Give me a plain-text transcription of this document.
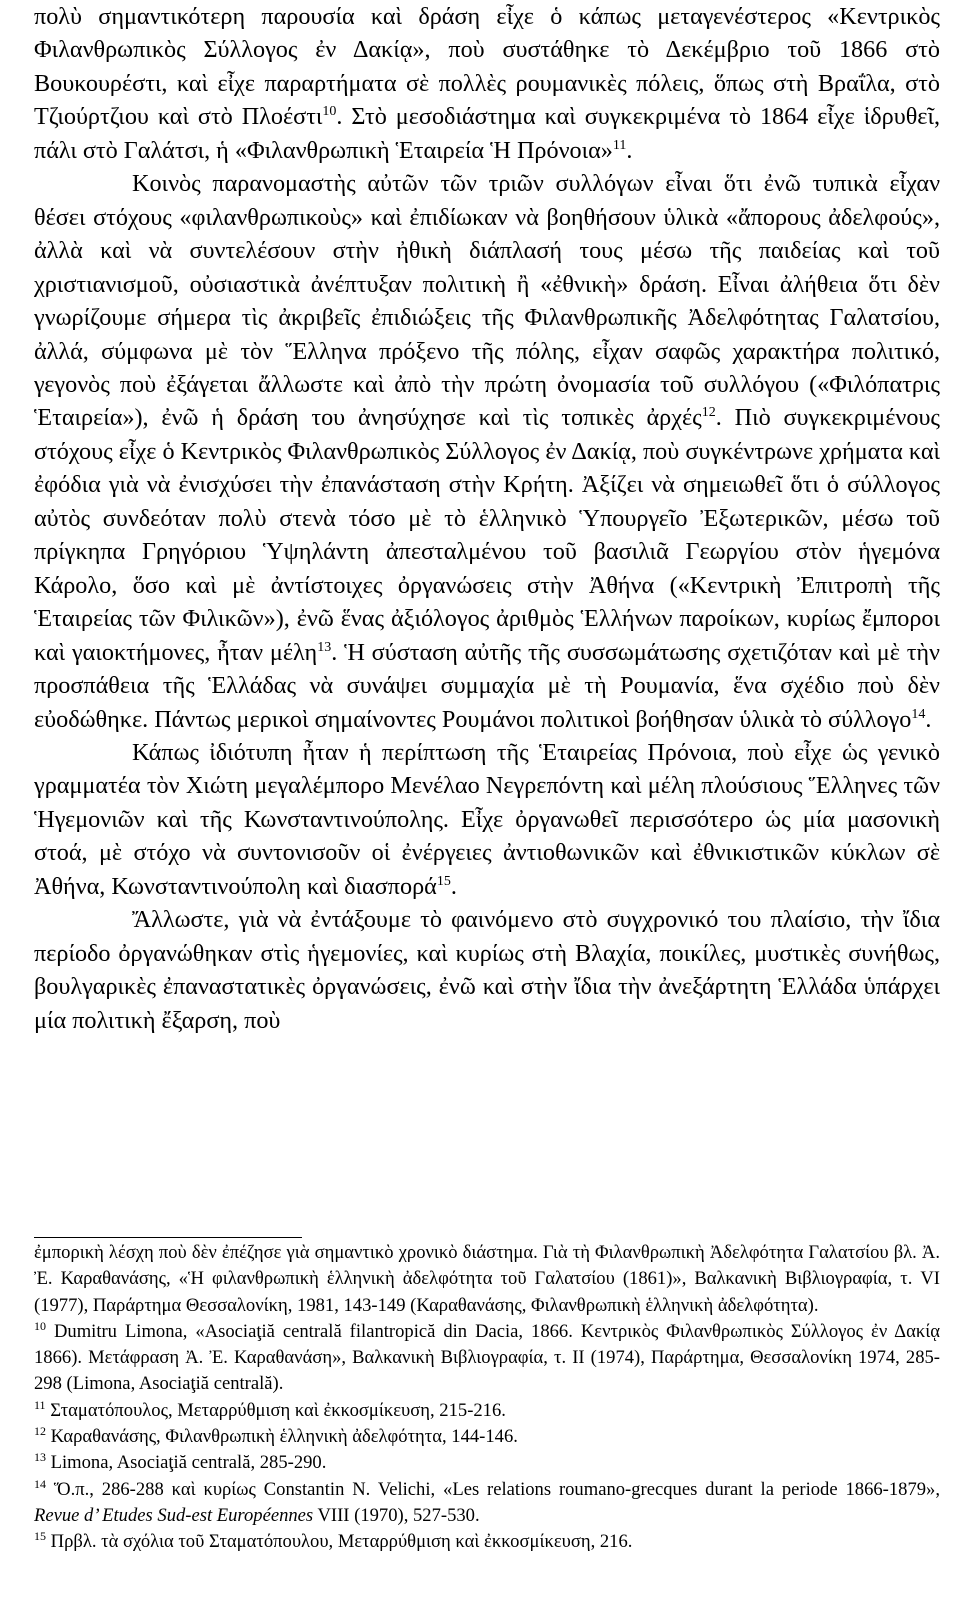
πολὺ σημαντικότερη παρουσία καὶ δράση εἶχε ὁ κάπως μεταγενέστερος «Κεντρικὸς Φιλανθρωπικὸς Σύλλογος ἐν Δακίᾳ», ποὺ συστάθηκε τὸ Δεκέμβριο τοῦ 1866 στὸ Βουκουρέστι, καὶ εἶχε παραρτήματα σὲ πολλὲς ρουμανικὲς πόλεις, ὅπως στὴ Βραΐλα, στὸ Τζιούρτζιου καὶ στὸ Πλοέστι$^{10}$. Στὸ μεσοδιάστημα καὶ συγκεκριμένα τὸ 1864 εἶχε ἱδρυθεῖ, πάλι στὸ Γαλάτσι, ἡ «Φιλανθρωπικὴ Ἑταιρεία Ἡ Πρόνοια»$^{11}$.

Κοινὸς παρανομαστὴς αὐτῶν τῶν τριῶν συλλόγων εἶναι ὅτι ἐνῶ τυπικὰ εἶχαν θέσει στόχους «φιλανθρωπικοὺς» καὶ ἐπιδίωκαν νὰ βοηθήσουν ὑλικὰ «ἄπορους ἀδελφούς», ἀλλὰ καὶ νὰ συντελέσουν στὴν ἠθικὴ διάπλασή τους μέσω τῆς παιδείας καὶ τοῦ χριστιανισμοῦ, οὐσιαστικὰ ἀνέπτυξαν πολιτικὴ ἢ «ἐθνικὴ» δράση. Εἶναι ἀλήθεια ὅτι δὲν γνωρίζουμε σήμερα τὶς ἀκριβεῖς ἐπιδιώξεις τῆς Φιλανθρωπικῆς Ἀδελφότητας Γαλατσίου, ἀλλά, σύμφωνα μὲ τὸν Ἕλληνα πρόξενο τῆς πόλης, εἶχαν σαφῶς χαρακτήρα πολιτικό, γεγονὸς ποὺ ἐξάγεται ἄλλωστε καὶ ἀπὸ τὴν πρώτη ὀνομασία τοῦ συλλόγου («Φιλόπατρις Ἑταιρεία»), ἐνῶ ἡ δράση του ἀνησύχησε καὶ τὶς τοπικὲς ἀρχές$^{12}$. Πιὸ συγκεκριμένους στόχους εἶχε ὁ Κεντρικὸς Φιλανθρωπικὸς Σύλλογος ἐν Δακίᾳ, ποὺ συγκέντρωνε χρήματα καὶ ἐφόδια γιὰ νὰ ἐνισχύσει τὴν ἐπανάσταση στὴν Κρήτη. Ἀξίζει νὰ σημειωθεῖ ὅτι ὁ σύλλογος αὐτὸς συνδεόταν πολὺ στενὰ τόσο μὲ τὸ ἑλληνικὸ Ὑπουργεῖο Ἐξωτερικῶν, μέσω τοῦ πρίγκηπα Γρηγόριου Ὑψηλάντη ἀπεσταλμένου τοῦ βασιλιᾶ Γεωργίου στὸν ἡγεμόνα Κάρολο, ὅσο καὶ μὲ ἀντίστοιχες ὀργανώσεις στὴν Ἀθήνα («Κεντρικὴ Ἐπιτροπὴ τῆς Ἑταιρείας τῶν Φιλικῶν»), ἐνῶ ἕνας ἀξιόλογος ἀριθμὸς Ἑλλήνων παροίκων, κυρίως ἔμποροι καὶ γαιοκτήμονες, ἦταν μέλη$^{13}$. Ἡ σύσταση αὐτῆς τῆς συσσωμάτωσης σχετιζόταν καὶ μὲ τὴν προσπάθεια τῆς Ἑλλάδας νὰ συνάψει συμμαχία μὲ τὴ Ρουμανία, ἕνα σχέδιο ποὺ δὲν εὐοδώθηκε. Πάντως μερικοὶ σημαίνοντες Ρουμάνοι πολιτικοὶ βοήθησαν ὑλικὰ τὸ σύλλογο$^{14}$.

Κάπως ἰδιότυπη ἦταν ἡ περίπτωση τῆς Ἑταιρείας Πρόνοια, ποὺ εἶχε ὡς γενικὸ γραμματέα τὸν Χιώτη μεγαλέμπορο Μενέλαο Νεγρεπόντη καὶ μέλη πλούσιους Ἕλληνες τῶν Ἡγεμονιῶν καὶ τῆς Κωνσταντινούπολης. Εἶχε ὀργανωθεῖ περισσότερο ὡς μία μασονικὴ στοά, μὲ στόχο νὰ συντονισοῦν οἱ ἐνέργειες ἀντιοθωνικῶν καὶ ἐθνικιστικῶν κύκλων σὲ Ἀθήνα, Κωνσταντινούπολη καὶ διασπορά$^{15}$.

Ἄλλωστε, γιὰ νὰ ἐντάξουμε τὸ φαινόμενο στὸ συγχρονικό του πλαίσιο, τὴν ἴδια περίοδο ὀργανώθηκαν στὶς ἡγεμονίες, καὶ κυρίως στὴ Βλαχία, ποικίλες, μυστικὲς συνήθως, βουλγαρικὲς ἐπαναστατικὲς ὀργανώσεις, ἐνῶ καὶ στὴν ἴδια τὴν ἀνεξάρτητη Ἑλλάδα ὑπάρχει μία πολιτικὴ ἔξαρση, ποὺ

ἐμπορικὴ λέσχη ποὺ δὲν ἐπέζησε γιὰ σημαντικὸ χρονικὸ διάστημα. Γιὰ τὴ Φιλανθρωπικὴ Ἀδελφότητα Γαλατσίου βλ. Ἀ. Ἐ. Καραθανάσης, «Ἡ φιλανθρωπικὴ ἑλληνικὴ ἀδελφότητα τοῦ Γαλατσίου (1861)», Βαλκανικὴ Βιβλιογραφία, τ. VI (1977), Παράρτημα Θεσσαλονίκη, 1981, 143-149 (Καραθανάσης, Φιλανθρωπικὴ ἑλληνικὴ ἀδελφότητα).

$^{10}$ Dumitru Limona, «Asociaţiă centrală filantropică din Dacia, 1866. Κεντρικὸς Φιλανθρωπικὸς Σύλλογος ἐν Δακίᾳ 1866). Μετάφραση Ἀ. Ἐ. Καραθανάση», Βαλκανικὴ Βιβλιογραφία, τ. II (1974), Παράρτημα, Θεσσαλονίκη 1974, 285-298 (Limona, Asociaţiă centrală).

$^{11}$ Σταματόπουλος, Μεταρρύθμιση καὶ ἐκκοσμίκευση, 215-216.

$^{12}$ Καραθανάσης, Φιλανθρωπικὴ ἑλληνικὴ ἀδελφότητα, 144-146.

$^{13}$ Limona, Asociaţiă centrală, 285-290.

$^{14}$ Ὅ.π., 286-288 καὶ κυρίως Constantin N. Velichi, «Les relations roumano-grecques durant la periode 1866-1879», Revue d’ Etudes Sud-est Européennes VIII (1970), 527-530.

$^{15}$ Πρβλ. τὰ σχόλια τοῦ Σταματόπουλου, Μεταρρύθμιση καὶ ἐκκοσμίκευση, 216.
